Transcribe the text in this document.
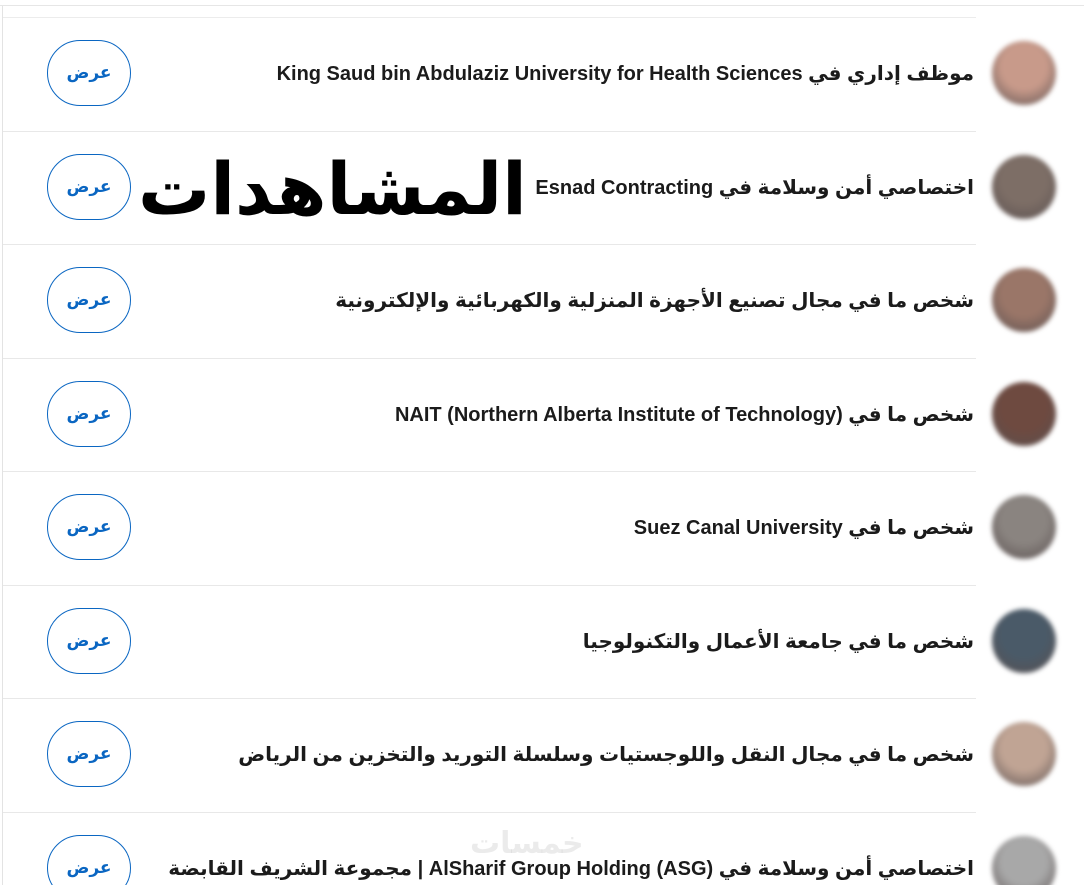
موظف إداري في King Saud bin Abdulaziz University for Health Sciences
عرض
اختصاصي أمن وسلامة في Esnad Contracting
عرض
شخص ما في مجال تصنيع الأجهزة المنزلية والكهربائية والإلكترونية
عرض
شخص ما في NAIT (Northern Alberta Institute of Technology)
عرض
شخص ما في Suez Canal University
عرض
شخص ما في جامعة الأعمال والتكنولوجيا
عرض
شخص ما في مجال النقل واللوجستيات وسلسلة التوريد والتخزين من الرياض
عرض
اختصاصي أمن وسلامة في AlSharif Group Holding (ASG) | مجموعة الشريف القابضة
عرض
المشاهدات
خمسات
